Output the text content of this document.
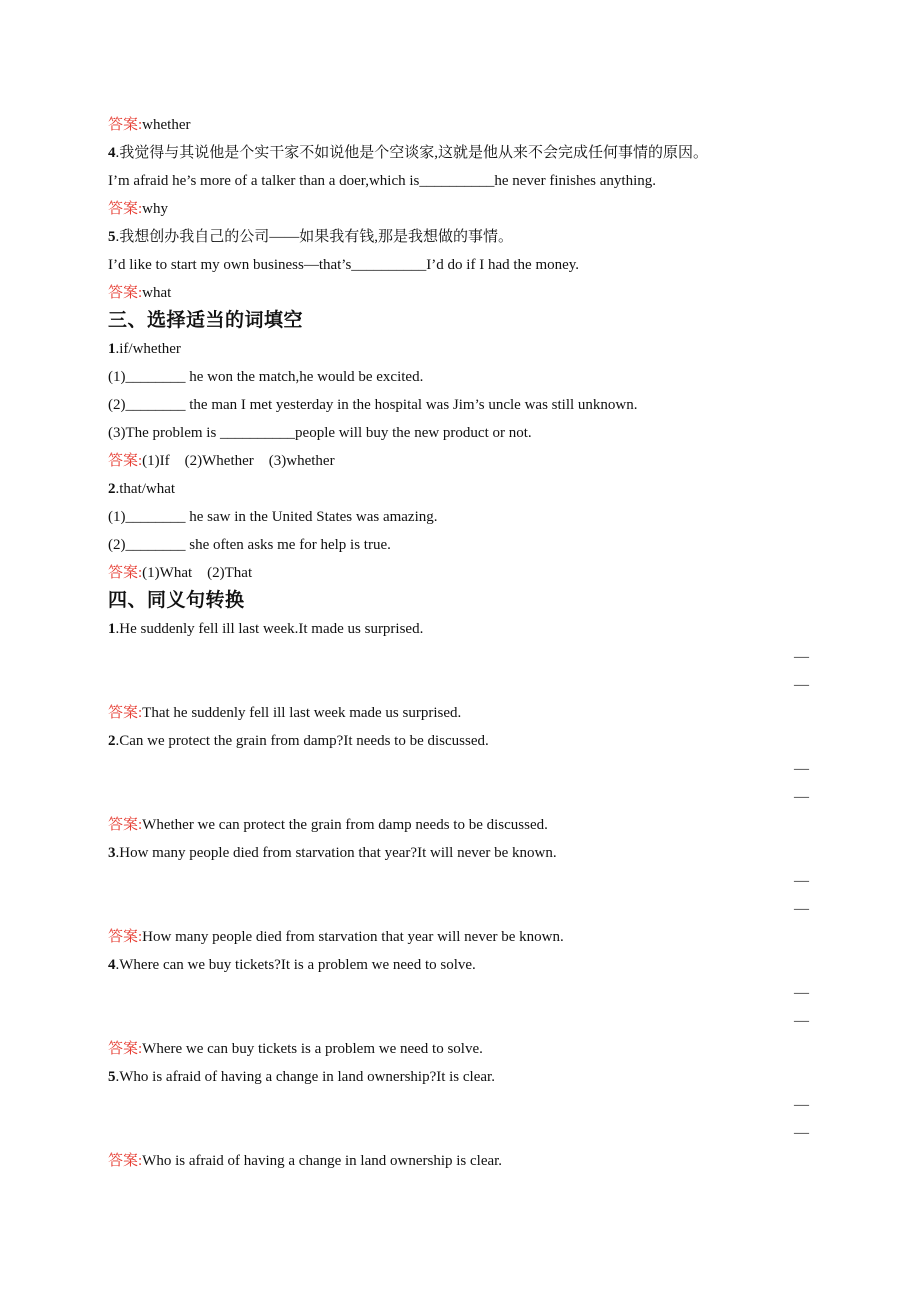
答案:whether
4.我觉得与其说他是个实干家不如说他是个空谈家,这就是他从来不会完成任何事情的原因。
I’m afraid he’s more of a talker than a doer,which is__________he never finishes anything.
答案:why
5.我想创办我自己的公司——如果我有钱,那是我想做的事情。
I’d like to start my own business—that’s__________I’d do if I had the money.
答案:what
三、选择适当的词填空
1.if/whether
(1)________ he won the match,he would be excited.
(2)________ the man I met yesterday in the hospital was Jim’s uncle was still unknown.
(3)The problem is __________people will buy the new product or not.
答案:(1)If　(2)Whether　(3)whether
2.that/what
(1)________ he saw in the United States was amazing.
(2)________ she often asks me for help is true.
答案:(1)What　(2)That
四、同义句转换
1.He suddenly fell ill last week.It made us surprised.
—
—
答案:That he suddenly fell ill last week made us surprised.
2.Can we protect the grain from damp?It needs to be discussed.
—
—
答案:Whether we can protect the grain from damp needs to be discussed.
3.How many people died from starvation that year?It will never be known.
—
—
答案:How many people died from starvation that year will never be known.
4.Where can we buy tickets?It is a problem we need to solve.
—
—
答案:Where we can buy tickets is a problem we need to solve.
5.Who is afraid of having a change in land ownership?It is clear.
—
—
答案:Who is afraid of having a change in land ownership is clear.
